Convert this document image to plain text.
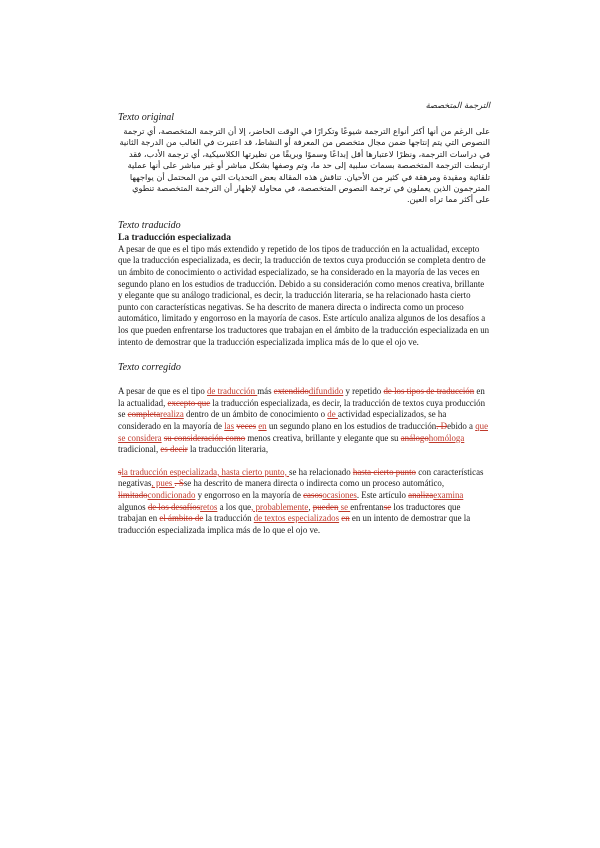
الترجمة المتخصصة
Texto original
على الرغم من أنها أكثر أنواع الترجمة شيوعًا وتكرارًا في الوقت الحاضر، إلا أن الترجمة المتخصصة، أي ترجمة النصوص التي يتم إنتاجها ضمن مجال متخصص من المعرفة أو النشاط، قد اعتبرت في الغالب من الدرجة الثانية في دراسات الترجمة، ونظرًا لاعتبارها أقل إبداعًا وسموًا وبريقًا من نظيرتها الكلاسيكية، أي ترجمة الأدب، فقد ارتبطت الترجمة المتخصصة بسمات سلبية إلى حد ما، وتم وصفها بشكل مباشر أو غير مباشر على أنها عملية تلقائية ومقيدة ومرهقة في كثير من الأحيان. تناقش هذه المقالة بعض التحديات التي من المحتمل أن يواجهها المترجمون الذين يعملون في ترجمة النصوص المتخصصة، في محاولة لإظهار أن الترجمة المتخصصة تنطوي على أكثر مما تراه العين.
Texto traducido
La traducción especializada
A pesar de que es el tipo más extendido y repetido de los tipos de traducción en la actualidad, excepto que la traducción especializada, es decir, la traducción de textos cuya producción se completa dentro de un ámbito de conocimiento o actividad especializado, se ha considerado en la mayoría de las veces en segundo plano en los estudios de traducción. Debido a su consideración como menos creativa, brillante y elegante que su análogo tradicional, es decir, la traducción literaria, se ha relacionado hasta cierto punto con características negativas. Se ha descrito de manera directa o indirecta como un proceso automático, limitado y engorroso en la mayoría de casos. Este artículo analiza algunos de los desafíos a los que pueden enfrentarse los traductores que trabajan en el ámbito de la traducción especializada en un intento de demostrar que la traducción especializada implica más de lo que el ojo ve.
Texto corregido
A pesar de que es el tipo de traducción más extendidodifundido y repetido de los tipos de traducción en la actualidad, excepto que la traducción especializada, es decir, la traducción de textos cuya producción se completarealiza dentro de un ámbito de conocimiento o de actividad especializados, se ha considerado en la mayoría de las veces en un segundo plano en los estudios de traducción. Debido a que se considera su consideración como menos creativa, brillante y elegante que su análogohomóloga tradicional, es decir la traducción literaria,
sla traducción especializada, hasta cierto punto, se ha relacionado hasta cierto punto con características negativas, pues . Sse ha descrito de manera directa o indirecta como un proceso automático, limitadocondicionado y engorroso en la mayoría de casosocasiones. Este artículo analizaexamina algunos de los desafíosretos a los que, probablemente, pueden se enfrentanse los traductores que trabajan en el ámbito de la traducción de textos especializados en en un intento de demostrar que la traducción especializada implica más de lo que el ojo ve.
